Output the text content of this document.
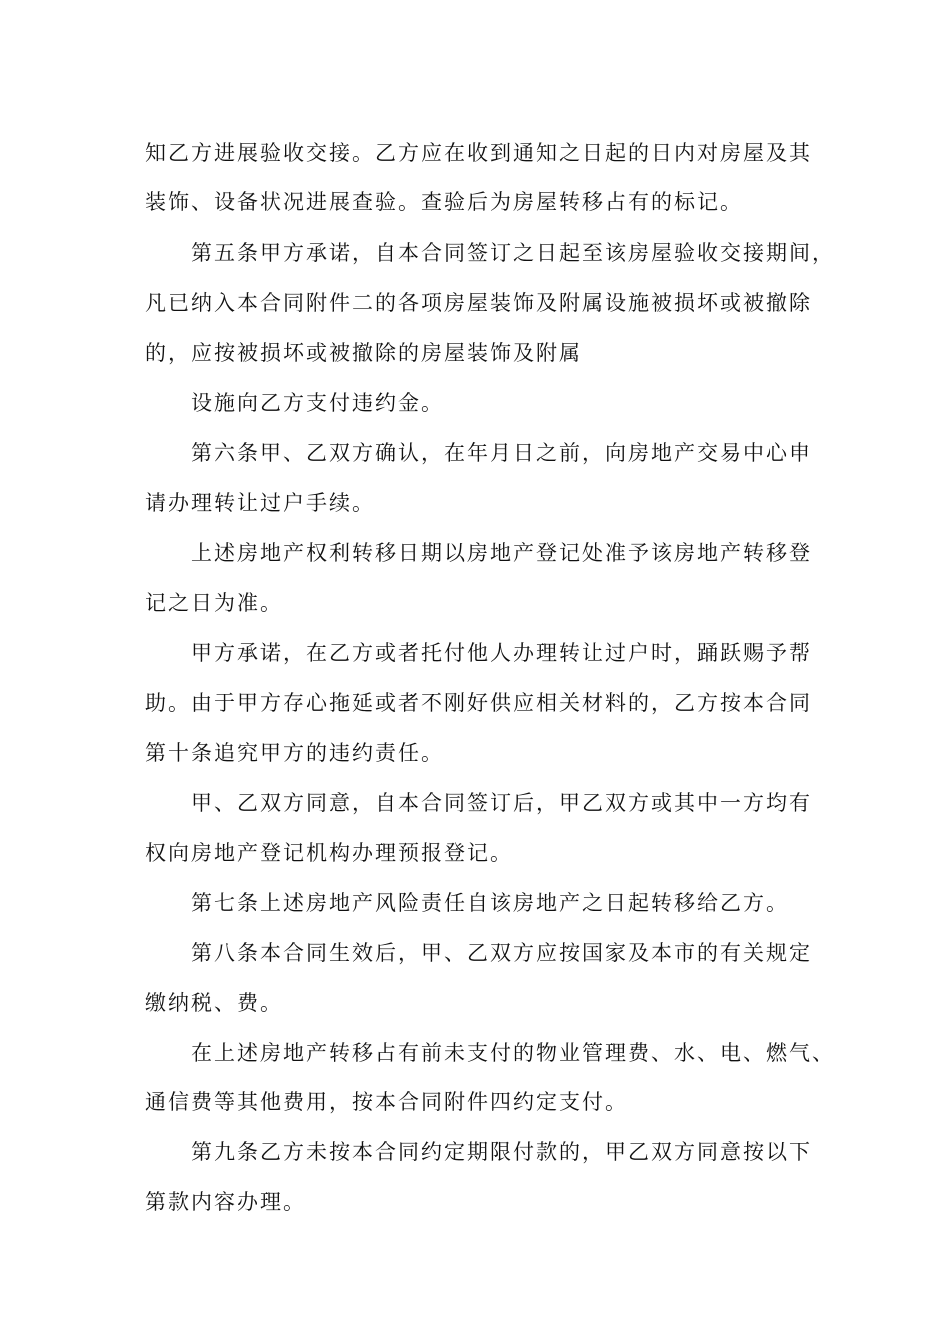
知乙方进展验收交接。乙方应在收到通知之日起的日内对房屋及其
装饰、设备状况进展查验。查验后为房屋转移占有的标记。
第五条甲方承诺，自本合同签订之日起至该房屋验收交接期间，
凡已纳入本合同附件二的各项房屋装饰及附属设施被损坏或被撤除
的，应按被损坏或被撤除的房屋装饰及附属
设施向乙方支付违约金。
第六条甲、乙双方确认，在年月日之前，向房地产交易中心申
请办理转让过户手续。
上述房地产权利转移日期以房地产登记处准予该房地产转移登
记之日为准。
甲方承诺，在乙方或者托付他人办理转让过户时，踊跃赐予帮
助。由于甲方存心拖延或者不刚好供应相关材料的，乙方按本合同
第十条追究甲方的违约责任。
甲、乙双方同意，自本合同签订后，甲乙双方或其中一方均有
权向房地产登记机构办理预报登记。
第七条上述房地产风险责任自该房地产之日起转移给乙方。
第八条本合同生效后，甲、乙双方应按国家及本市的有关规定
缴纳税、费。
在上述房地产转移占有前未支付的物业管理费、水、电、燃气、
通信费等其他费用，按本合同附件四约定支付。
第九条乙方未按本合同约定期限付款的，甲乙双方同意按以下
第款内容办理。
